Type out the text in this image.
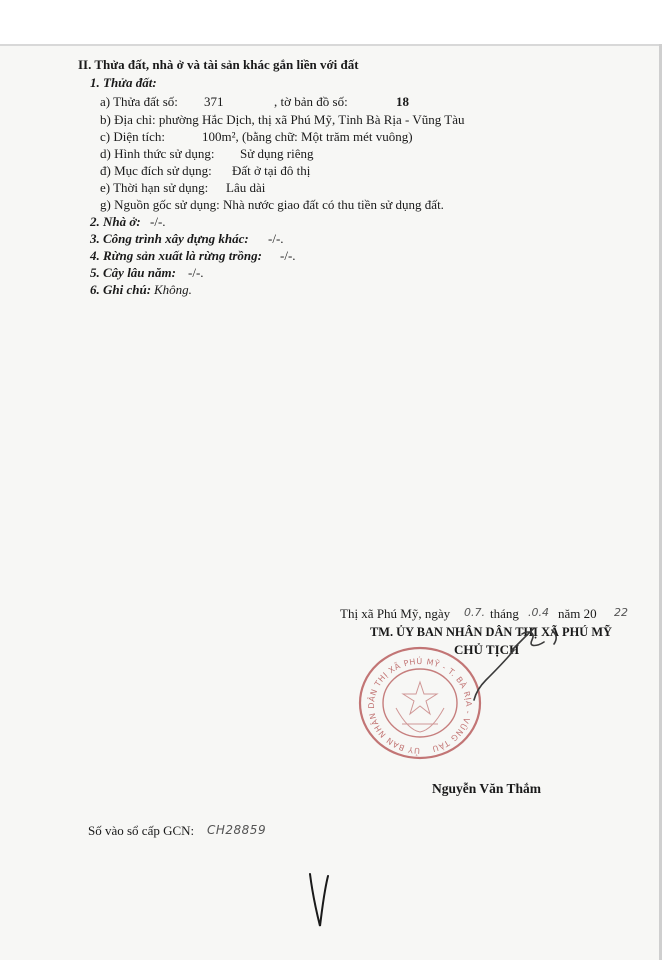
II. Thửa đất, nhà ở và tài sản khác gắn liền với đất
1. Thửa đất:
a) Thửa đất số: 371	, tờ bản đồ số:	18
b) Địa chỉ: phường Hắc Dịch, thị xã Phú Mỹ, Tỉnh Bà Rịa - Vũng Tàu
c) Diện tích:	100m², (bằng chữ: Một trăm mét vuông)
d) Hình thức sử dụng: Sử dụng riêng
đ) Mục đích sử dụng: Đất ở tại đô thị
e) Thời hạn sử dụng: Lâu dài
g) Nguồn gốc sử dụng: Nhà nước giao đất có thu tiền sử dụng đất.
2. Nhà ở: -/-.
3. Công trình xây dựng khác: -/-.
4. Rừng sản xuất là rừng trồng: -/-.
5. Cây lâu năm: -/-.
6. Ghi chú: Không.
Thị xã Phú Mỹ, ngày 0.7. tháng .0.4 năm 20 22
TM. ỦY BAN NHÂN DÂN THỊ XÃ PHÚ MỸ
CHỦ TỊCH
ỦY BAN NHÂN DÂN THỊ XÃ PHÚ MỸ - T. BÀ RỊA - VŨNG TÀU
Nguyễn Văn Thắm
Số vào sổ cấp GCN: CH28859
